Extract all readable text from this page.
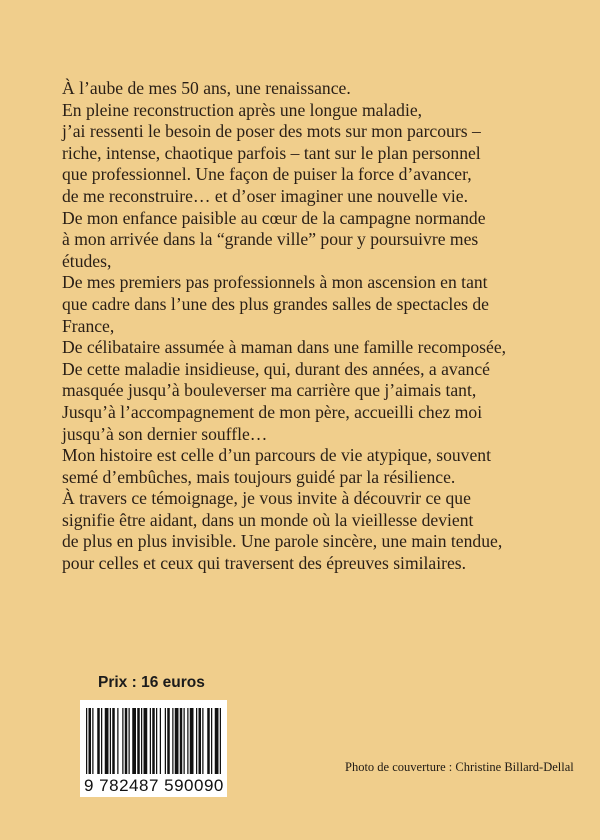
À l’aube de mes 50 ans, une renaissance.

En pleine reconstruction après une longue maladie,

j’ai ressenti le besoin de poser des mots sur mon parcours –

riche, intense, chaotique parfois – tant sur le plan personnel

que professionnel. Une façon de puiser la force d’avancer,

de me reconstruire… et d’oser imaginer une nouvelle vie.

De mon enfance paisible au cœur de la campagne normande

à mon arrivée dans la “grande ville” pour y poursuivre mes

études,

De mes premiers pas professionnels à mon ascension en tant

que cadre dans l’une des plus grandes salles de spectacles de

France,

De célibataire assumée à maman dans une famille recomposée,

De cette maladie insidieuse, qui, durant des années, a avancé

masquée jusqu’à bouleverser ma carrière que j’aimais tant,

Jusqu’à l’accompagnement de mon père, accueilli chez moi

jusqu’à son dernier souffle…

Mon histoire est celle d’un parcours de vie atypique, souvent

semé d’embûches, mais toujours guidé par la résilience.

À travers ce témoignage, je vous invite à découvrir ce que

signifie être aidant, dans un monde où la vieillesse devient

de plus en plus invisible. Une parole sincère, une main tendue,

pour celles et ceux qui traversent des épreuves similaires.

Prix : 16 euros
9 782487 590090
Photo de couverture : Christine Billard-Dellal
